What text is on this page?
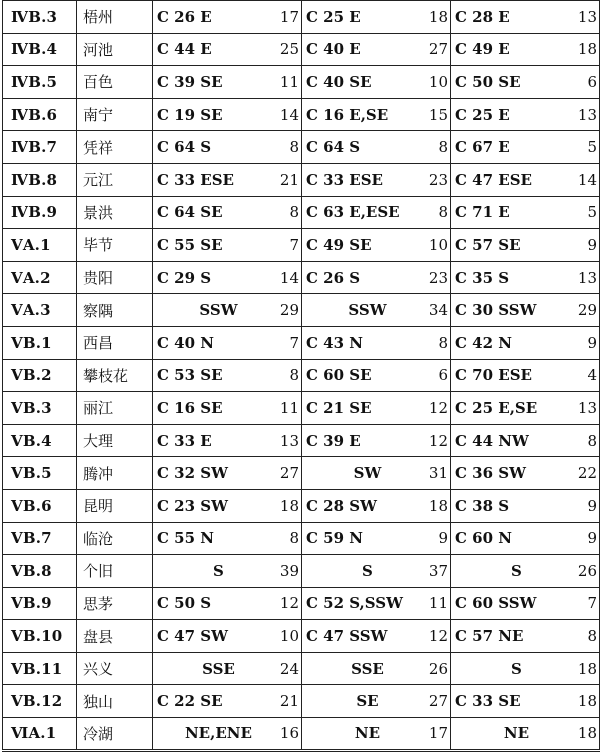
ⅣB.3	梧州	C 26 E 17	C 25 E 18	C 28 E 13

ⅣB.4	河池	C 44 E 25	C 40 E 27	C 49 E 18

ⅣB.5	百色	C 39 SE 11	C 40 SE 10	C 50 SE 6

ⅣB.6	南宁	C 19 SE 14	C 16 E,SE 15	C 25 E 13

ⅣB.7	凭祥	C 64 S 8	C 64 S 8	C 67 E 5

ⅣB.8	元江	C 33 ESE 21	C 33 ESE 23	C 47 ESE 14

ⅣB.9	景洪	C 64 SE 8	C 63 E,ESE 8	C 71 E 5

ⅤA.1	毕节	C 55 SE 7	C 49 SE 10	C 57 SE 9

ⅤA.2	贵阳	C 29 S 14	C 26 S 23	C 35 S 13

ⅤA.3	察隅	SSW 29	SSW 34	C 30 SSW 29

ⅤB.1	西昌	C 40 N 7	C 43 N 8	C 42 N 9

ⅤB.2	攀枝花	C 53 SE 8	C 60 SE 6	C 70 ESE 4

ⅤB.3	丽江	C 16 SE 11	C 21 SE 12	C 25 E,SE 13

ⅤB.4	大理	C 33 E 13	C 39 E 12	C 44 NW 8

ⅤB.5	腾冲	C 32 SW 27	SW 31	C 36 SW 22

ⅤB.6	昆明	C 23 SW 18	C 28 SW 18	C 38 S 9

ⅤB.7	临沧	C 55 N 8	C 59 N 9	C 60 N 9

ⅤB.8	个旧	S 39	S 37	S 26

ⅤB.9	思茅	C 50 S 12	C 52 S,SSW 11	C 60 SSW 7

ⅤB.10	盘县	C 47 SW 10	C 47 SSW 12	C 57 NE 8

ⅤB.11	兴义	SSE 24	SSE 26	S 18

ⅤB.12	独山	C 22 SE 21	SE 27	C 33 SE 18

ⅥA.1	冷湖	NE,ENE 16	NE 17	NE 18
